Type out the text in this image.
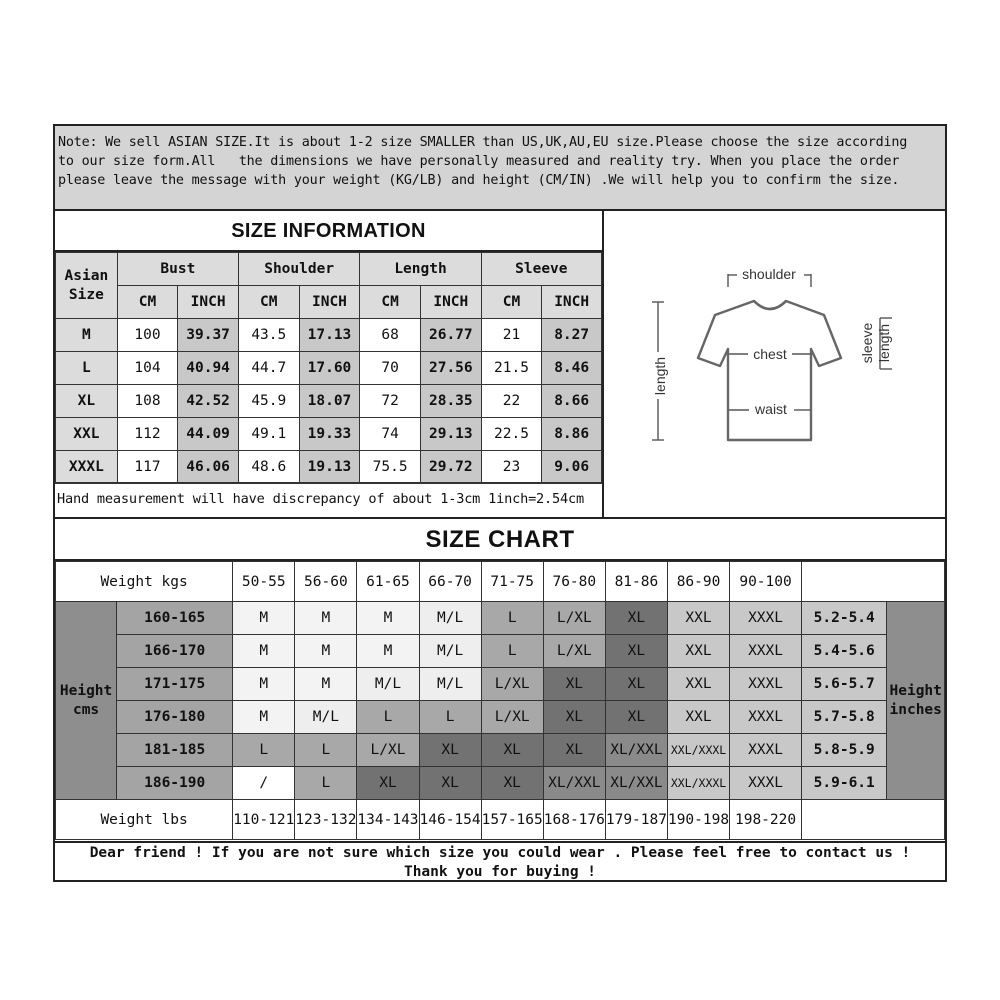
Note: We sell ASIAN SIZE.It is about 1-2 size SMALLER than US,UK,AU,EU size.Please choose the size according

to our size form.All   the dimensions we have personally measured and reality try. When you place the order

please leave the message with your weight (KG/LB) and height (CM/IN) .We will help you to confirm the size.

SIZE INFORMATION
Asian
Size	Bust		Shoulder		Length		Sleeve	
	CM	INCH	CM	INCH	CM	INCH	CM	INCH
M	100	39.37	43.5	17.13	68	26.77	21	8.27
L	104	40.94	44.7	17.60	70	27.56	21.5	8.46
XL	108	42.52	45.9	18.07	72	28.35	22	8.66
XXL	112	44.09	49.1	19.33	74	29.13	22.5	8.86
XXXL	117	46.06	48.6	19.13	75.5	29.72	23	9.06
Hand measurement will have discrepancy of about 1-3cm 1inch=2.54cm
shoulder
chest
waist
length
sleeve length
SIZE CHART
Weight kgs		50-55	56-60	61-65	66-70	71-75	76-80	81-86	86-90	90-100		
Height
cms	160-165	M	M	M	M/L	L	L/XL	XL	XXL	XXXL	5.2-5.4	Height
inches
	166-170	M	M	M	M/L	L	L/XL	XL	XXL	XXXL	5.4-5.6	
	171-175	M	M	M/L	M/L	L/XL	XL	XL	XXL	XXXL	5.6-5.7	
	176-180	M	M/L	L	L	L/XL	XL	XL	XXL	XXXL	5.7-5.8	
	181-185	L	L	L/XL	XL	XL	XL	XL/XXL	XXL/XXXL	XXXL	5.8-5.9	
	186-190	/	L	XL	XL	XL	XL/XXL	XL/XXL	XXL/XXXL	XXXL	5.9-6.1	
Weight lbs		110-121	123-132	134-143	146-154	157-165	168-176	179-187	190-198	198-220		

Dear friend ! If you are not sure which size you could wear . Please feel free to contact us !

Thank you for buying !
